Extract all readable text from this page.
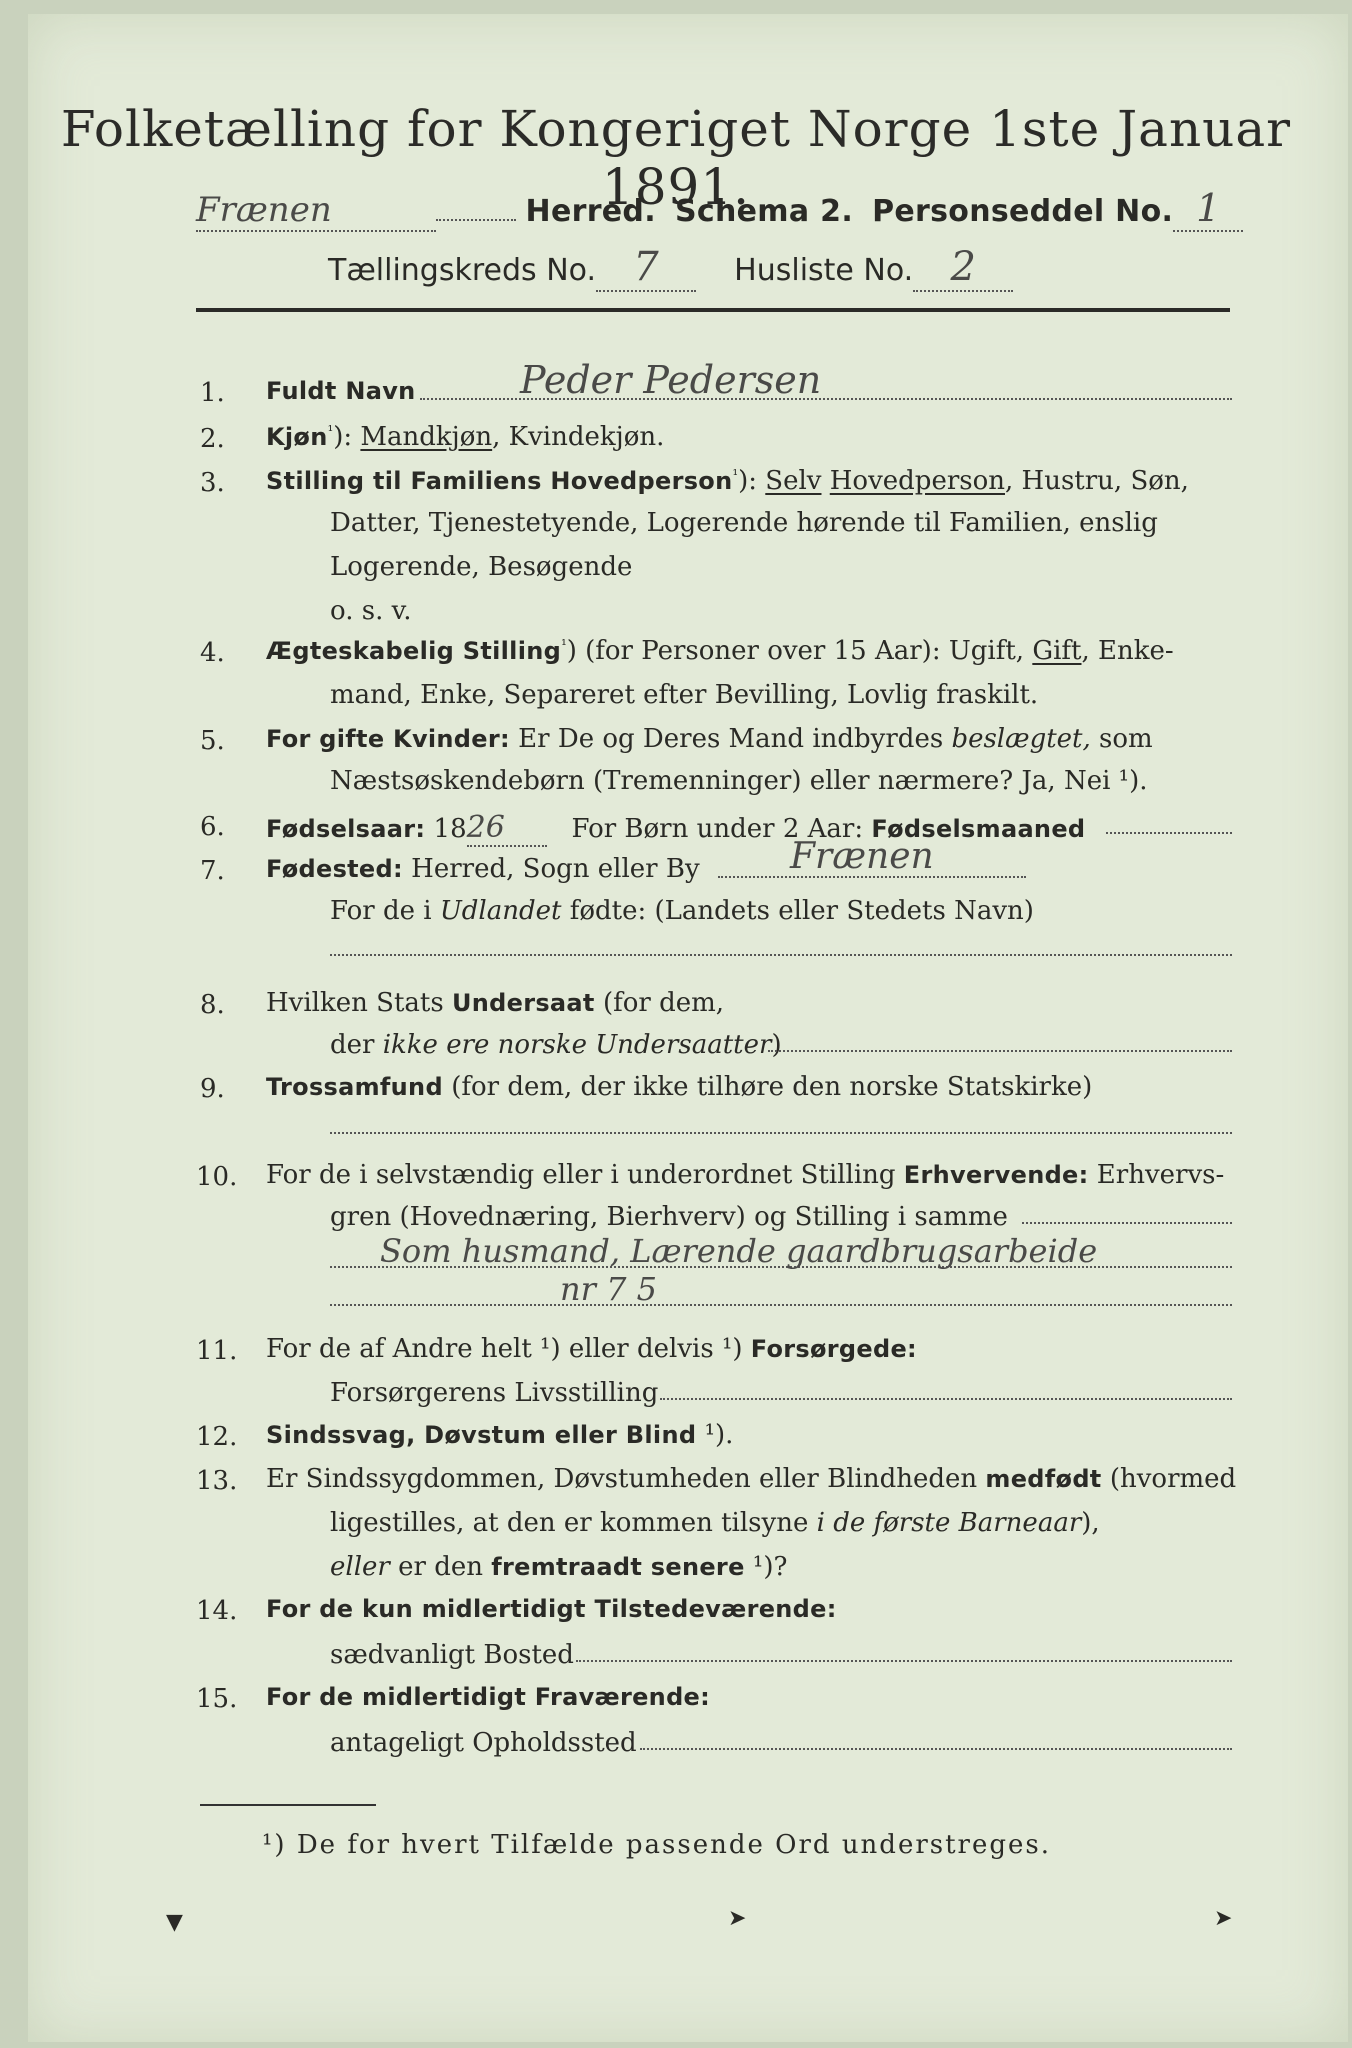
Folketælling for Kongeriget Norge 1ste Januar 1891.
Frænen	Herred. Schema 2. Personseddel No. 1
Tællingskreds No. 7	Husliste No. 2
1. Fuldt Navn	Peder Pedersen
2. Kjøn$^{^1}$): Mandkjøn, Kvindekjøn.
3. Stilling til Familiens Hovedperson$^{^1}$): Selv Hovedperson, Hustru, Søn,
Datter, Tjenestetyende, Logerende hørende til Familien, enslig
Logerende, Besøgende
o. s. v.
4. Ægteskabelig Stilling$^{^1}$) (for Personer over 15 Aar): Ugift, Gift, Enke-
mand, Enke, Separeret efter Bevilling, Lovlig fraskilt.
5. For gifte Kvinder: Er De og Deres Mand indbyrdes beslægtet, som
Næstsøskendebørn (Tremenninger) eller nærmere? Ja, Nei ¹).
6. Fødselsaar: 1826	For Børn under 2 Aar: Fødselsmaaned
7. Fødested: Herred, Sogn eller By	Frænen
For de i Udlandet fødte: (Landets eller Stedets Navn)
8. Hvilken Stats Undersaat (for dem,
der ikke ere norske Undersaatter)
9. Trossamfund (for dem, der ikke tilhøre den norske Statskirke)
10. For de i selvstændig eller i underordnet Stilling Erhvervende: Erhvervs-
gren (Hovednæring, Bierhverv) og Stilling i samme
Som husmand, Lærende gaardbrugsarbeide
nr 7 5
11. For de af Andre helt ¹) eller delvis ¹) Forsørgede:
Forsørgerens Livsstilling
12. Sindssvag, Døvstum eller Blind ¹).
13. Er Sindssygdommen, Døvstumheden eller Blindheden medfødt (hvormed
ligestilles, at den er kommen tilsyne i de første Barneaar),
eller er den fremtraadt senere ¹)?
14. For de kun midlertidigt Tilstedeværende:
sædvanligt Bosted
15. For de midlertidigt Fraværende:
antageligt Opholdssted
¹) De for hvert Tilfælde passende Ord understreges.
▼	➤	➤
